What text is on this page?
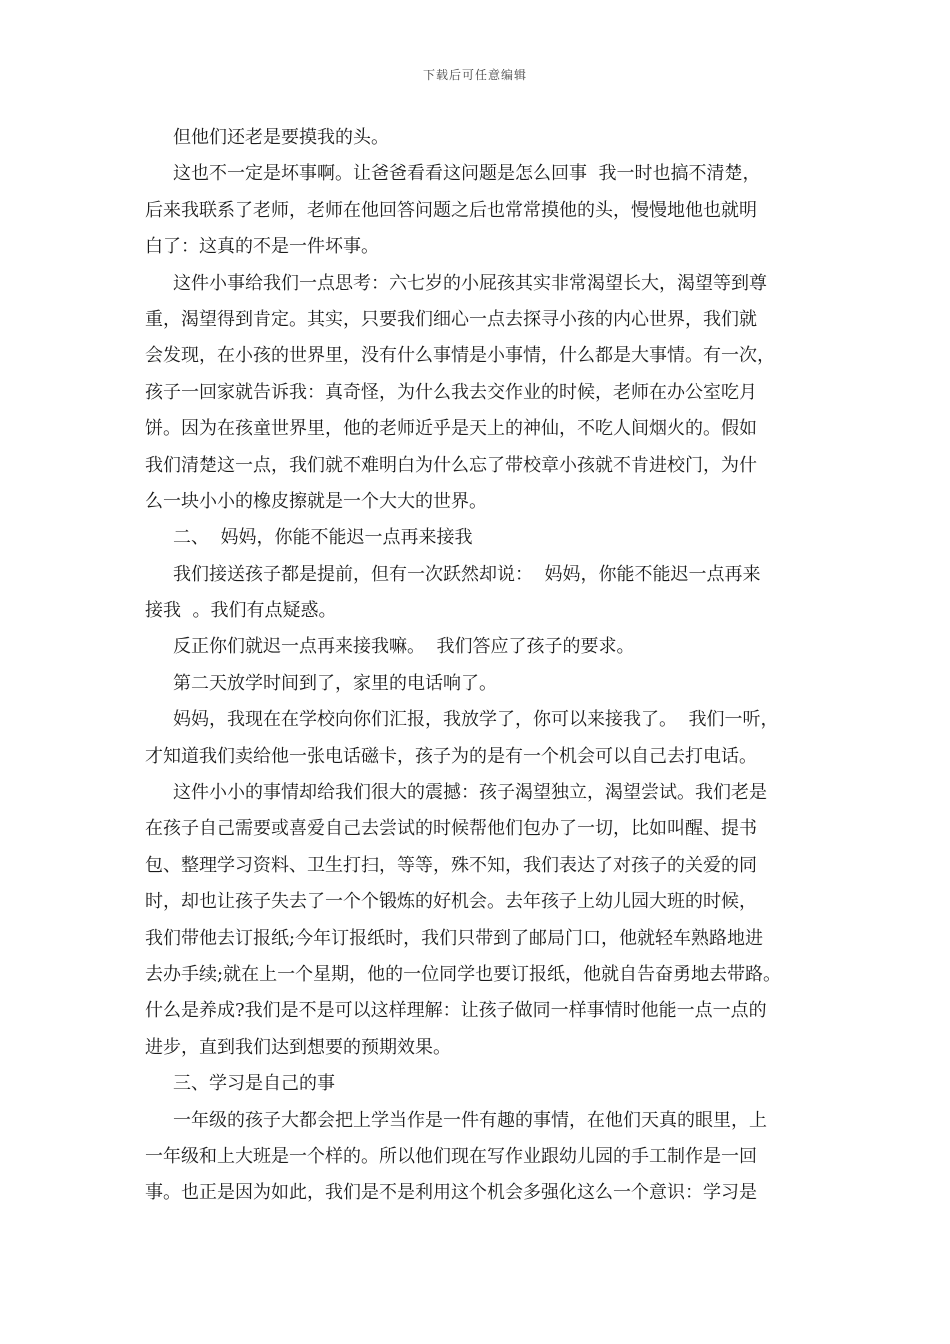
下载后可任意编辑
但他们还老是要摸我的头。
这也不一定是坏事啊。让爸爸看看这问题是怎么回事  我一时也搞不清楚，
后来我联系了老师，老师在他回答问题之后也常常摸他的头，慢慢地他也就明
白了：这真的不是一件坏事。
这件小事给我们一点思考：六七岁的小屁孩其实非常渴望长大，渴望等到尊
重，渴望得到肯定。其实，只要我们细心一点去探寻小孩的内心世界，我们就
会发现，在小孩的世界里，没有什么事情是小事情，什么都是大事情。有一次，
孩子一回家就告诉我：真奇怪，为什么我去交作业的时候，老师在办公室吃月
饼。因为在孩童世界里，他的老师近乎是天上的神仙，不吃人间烟火的。假如
我们清楚这一点，我们就不难明白为什么忘了带校章小孩就不肯进校门，为什
么一块小小的橡皮擦就是一个大大的世界。
二、  妈妈，你能不能迟一点再来接我
我们接送孩子都是提前，但有一次跃然却说：  妈妈，你能不能迟一点再来
接我  。我们有点疑惑。
反正你们就迟一点再来接我嘛。  我们答应了孩子的要求。
第二天放学时间到了，家里的电话响了。
妈妈，我现在在学校向你们汇报，我放学了，你可以来接我了。  我们一听，
才知道我们卖给他一张电话磁卡，孩子为的是有一个机会可以自己去打电话。
这件小小的事情却给我们很大的震撼：孩子渴望独立，渴望尝试。我们老是
在孩子自己需要或喜爱自己去尝试的时候帮他们包办了一切，比如叫醒、提书
包、整理学习资料、卫生打扫，等等，殊不知，我们表达了对孩子的关爱的同
时，却也让孩子失去了一个个锻炼的好机会。去年孩子上幼儿园大班的时候，
我们带他去订报纸;今年订报纸时，我们只带到了邮局门口，他就轻车熟路地进
去办手续;就在上一个星期，他的一位同学也要订报纸，他就自告奋勇地去带路。
什么是养成?我们是不是可以这样理解：让孩子做同一样事情时他能一点一点的
进步，直到我们达到想要的预期效果。
三、学习是自己的事
一年级的孩子大都会把上学当作是一件有趣的事情，在他们天真的眼里，上
一年级和上大班是一个样的。所以他们现在写作业跟幼儿园的手工制作是一回
事。也正是因为如此，我们是不是利用这个机会多强化这么一个意识：学习是
